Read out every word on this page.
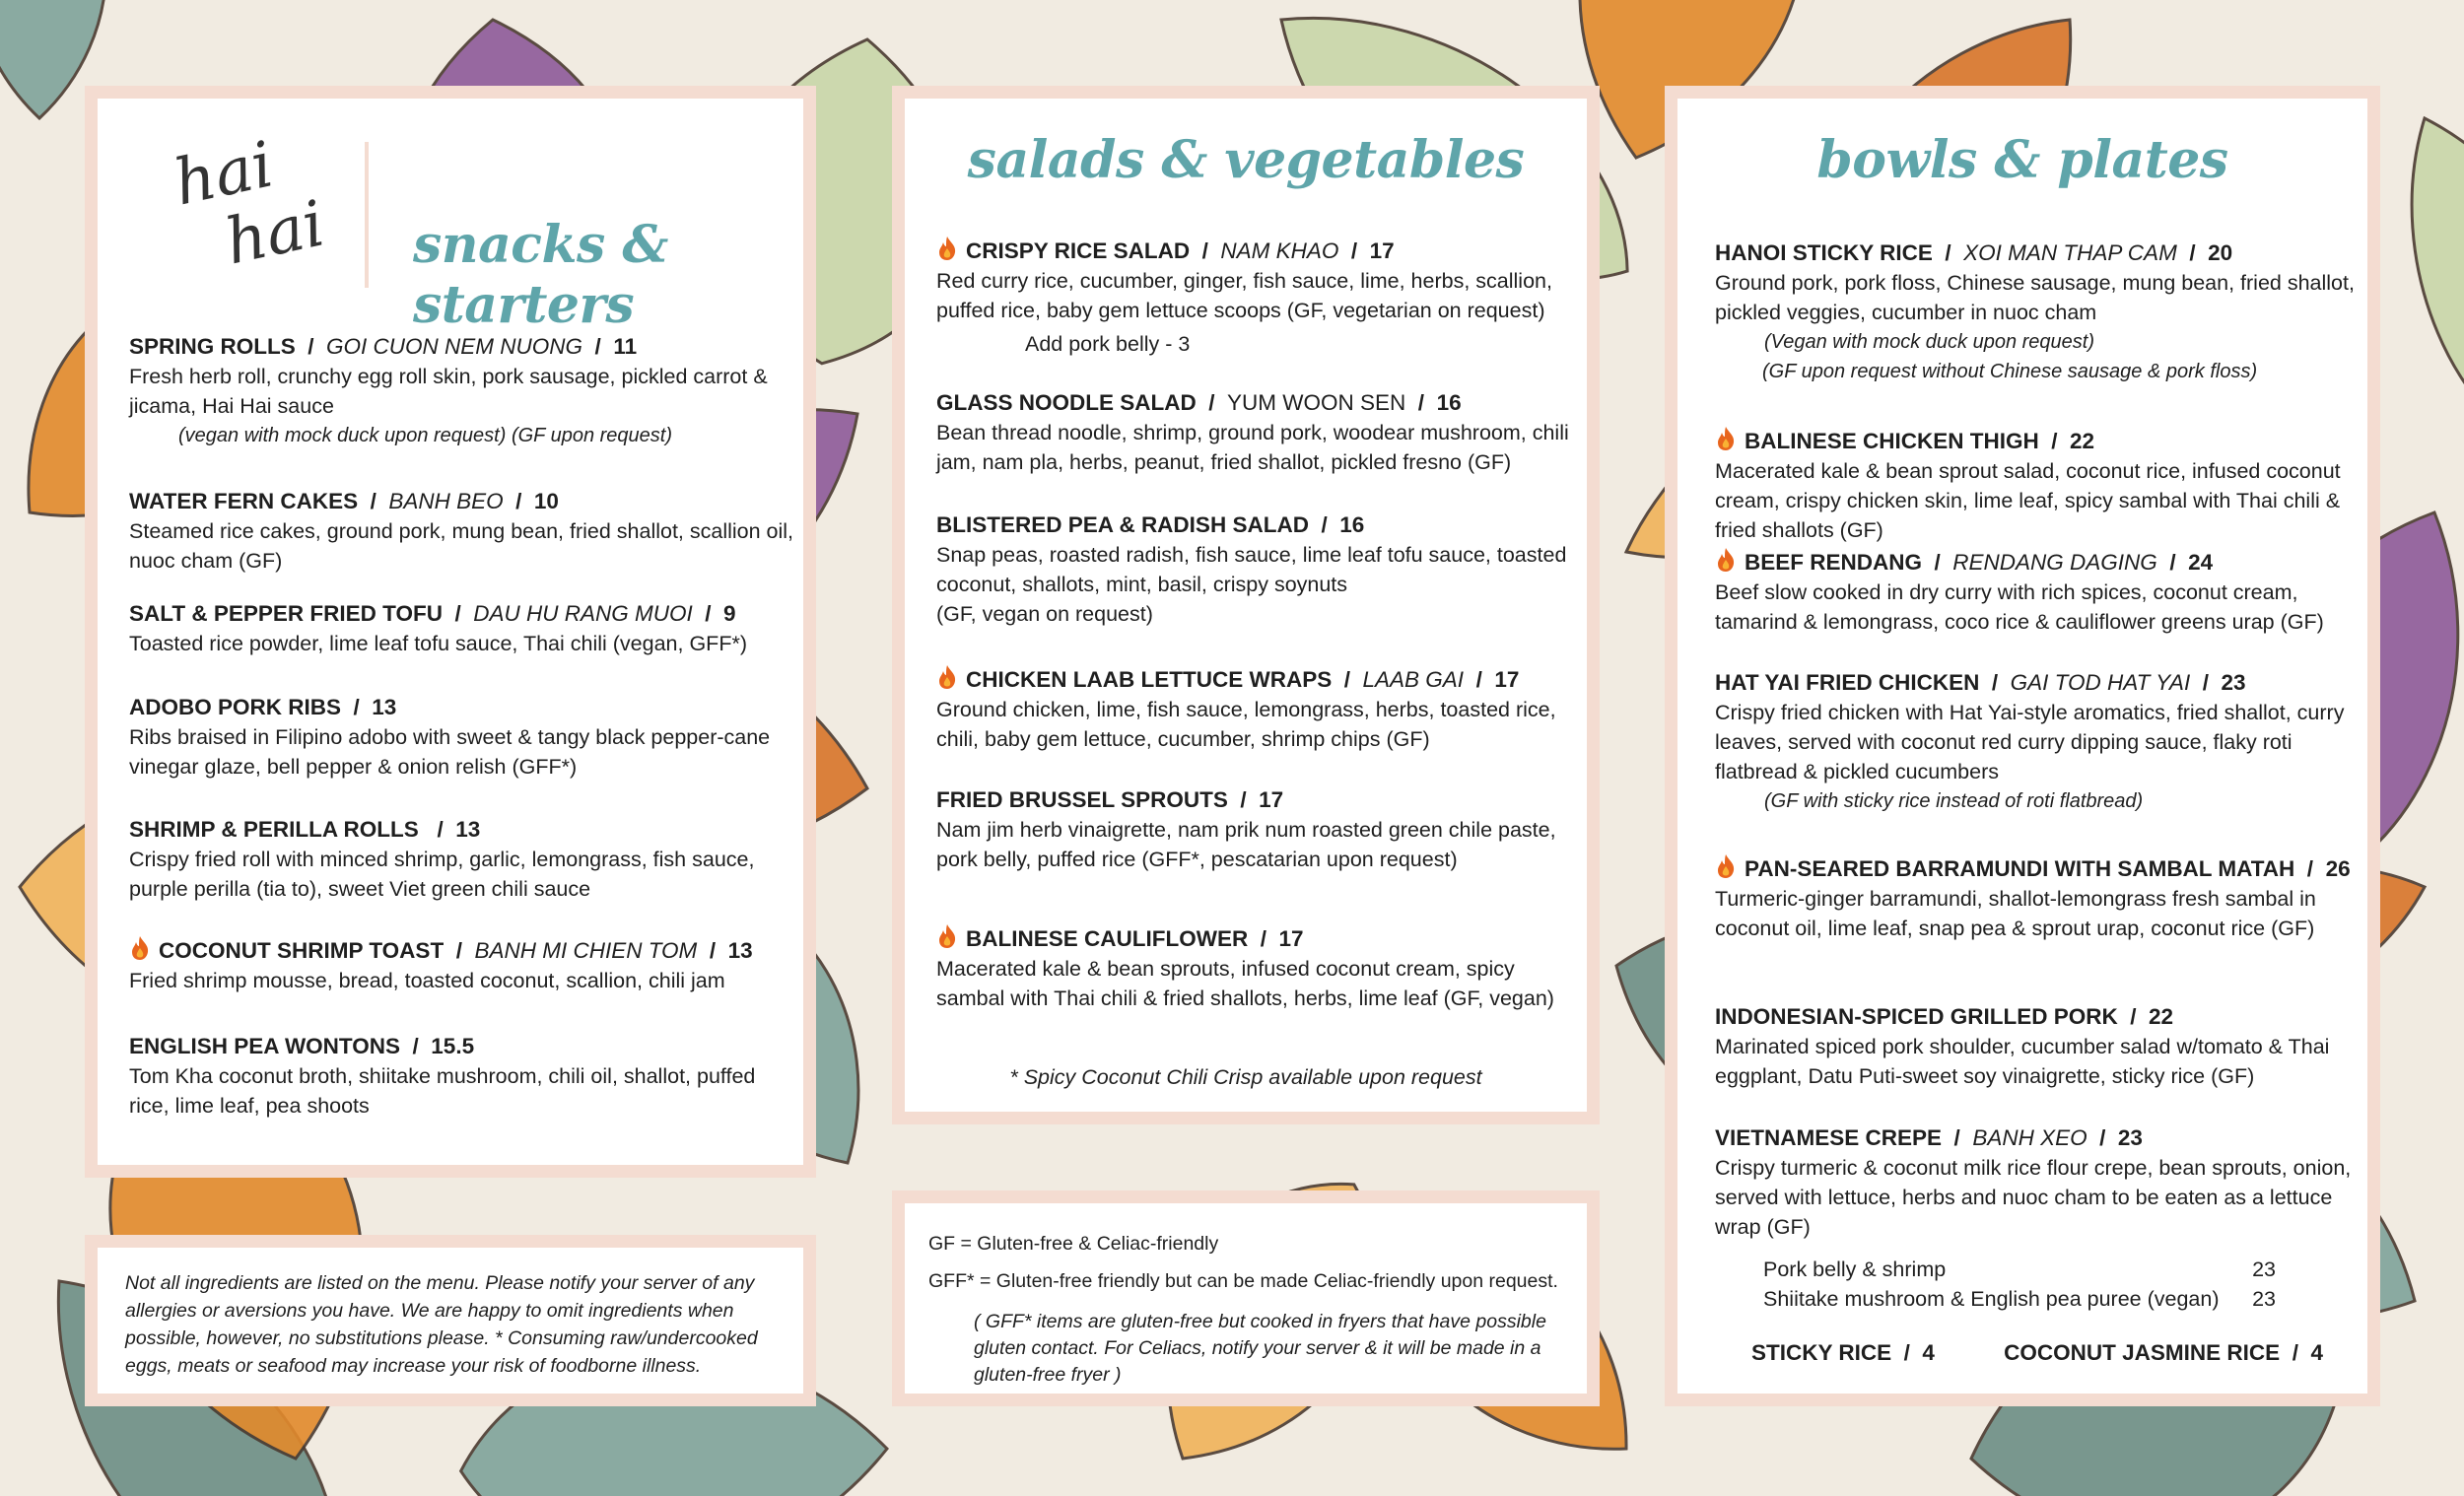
hai
hai snacks & starters
SPRING ROLLS  /  GOI CUON NEM NUONG  /  11

Fresh herb roll, crunchy egg roll skin, pork sausage, pickled carrot & jicama, Hai Hai sauce

(vegan with mock duck upon request) (GF upon request)
WATER FERN CAKES  /  BANH BEO  /  10

Steamed rice cakes, ground pork, mung bean, fried shallot, scallion oil, nuoc cham (GF)

SALT & PEPPER FRIED TOFU  /  DAU HU RANG MUOI  /  9

Toasted rice powder, lime leaf tofu sauce, Thai chili (vegan, GFF*)

ADOBO PORK RIBS  /  13

Ribs braised in Filipino adobo with sweet & tangy black pepper-cane vinegar glaze, bell pepper & onion relish (GFF*)

SHRIMP & PERILLA ROLLS   /  13

Crispy fried roll with minced shrimp, garlic, lemongrass, fish sauce, purple perilla (tia to), sweet Viet green chili sauce

COCONUT SHRIMP TOAST  /  BANH MI CHIEN TOM  /  13

Fried shrimp mousse, bread, toasted coconut, scallion, chili jam

ENGLISH PEA WONTONS  /  15.5

Tom Kha coconut broth, shiitake mushroom, chili oil, shallot, puffed rice, lime leaf, pea shoots

salads & vegetables
CRISPY RICE SALAD  /  NAM KHAO  /  17

Red curry rice, cucumber, ginger, fish sauce, lime, herbs, scallion, puffed rice, baby gem lettuce scoops (GF, vegetarian on request)

Add pork belly - 3
GLASS NOODLE SALAD  /  YUM WOON SEN  /  16

Bean thread noodle, shrimp, ground pork, woodear mushroom, chili jam, nam pla, herbs, peanut, fried shallot, pickled fresno (GF)

BLISTERED PEA & RADISH SALAD  /  16

Snap peas, roasted radish, fish sauce, lime leaf tofu sauce, toasted coconut, shallots, mint, basil, crispy soynuts

(GF, vegan on request)

CHICKEN LAAB LETTUCE WRAPS  /  LAAB GAI  /  17

Ground chicken, lime, fish sauce, lemongrass, herbs, toasted rice, chili, baby gem lettuce, cucumber, shrimp chips (GF)

FRIED BRUSSEL SPROUTS  /  17

Nam jim herb vinaigrette, nam prik num roasted green chile paste, pork belly, puffed rice (GFF*, pescatarian upon request)

BALINESE CAULIFLOWER  /  17

Macerated kale & bean sprouts, infused coconut cream, spicy sambal with Thai chili & fried shallots, herbs, lime leaf (GF, vegan)

* Spicy Coconut Chili Crisp available upon request
bowls & plates
HANOI STICKY RICE  /  XOI MAN THAP CAM  /  20

Ground pork, pork floss, Chinese sausage, mung bean, fried shallot, pickled veggies, cucumber in nuoc cham

(Vegan with mock duck upon request)
(GF upon request without Chinese sausage & pork floss)
BALINESE CHICKEN THIGH  /  22

Macerated kale & bean sprout salad, coconut rice, infused coconut cream, crispy chicken skin, lime leaf, spicy sambal with Thai chili & fried shallots (GF)

BEEF RENDANG  /  RENDANG DAGING  /  24

Beef slow cooked in dry curry with rich spices, coconut cream, tamarind & lemongrass, coco rice & cauliflower greens urap (GF)

HAT YAI FRIED CHICKEN  /  GAI TOD HAT YAI  /  23

Crispy fried chicken with Hat Yai-style aromatics, fried shallot, curry leaves, served with coconut red curry dipping sauce, flaky roti flatbread & pickled cucumbers

(GF with sticky rice instead of roti flatbread)
PAN-SEARED BARRAMUNDI WITH SAMBAL MATAH  /  26

Turmeric-ginger barramundi, shallot-lemongrass fresh sambal in coconut oil, lime leaf, snap pea & sprout urap, coconut rice (GF)

INDONESIAN-SPICED GRILLED PORK  /  22

Marinated spiced pork shoulder, cucumber salad w/tomato & Thai eggplant, Datu Puti-sweet soy vinaigrette, sticky rice (GF)

VIETNAMESE CREPE  /  BANH XEO  /  23

Crispy turmeric & coconut milk rice flour crepe, bean sprouts, onion, served with lettuce, herbs and nuoc cham to be eaten as a lettuce wrap (GF)

Pork belly & shrimp	23
Shiitake mushroom & English pea puree (vegan) 23
STICKY RICE  /  4	COCONUT JASMINE RICE  /  4
Not all ingredients are listed on the menu. Please notify your server of any allergies or aversions you have. We are happy to omit ingredients when possible, however, no substitutions please. * Consuming raw/undercooked eggs, meats or seafood may increase your risk of foodborne illness.
GF = Gluten-free & Celiac-friendly
GFF* = Gluten-free friendly but can be made Celiac-friendly upon request.
( GFF* items are gluten-free but cooked in fryers that have possible gluten contact. For Celiacs, notify your server & it will be made in a gluten-free fryer )
